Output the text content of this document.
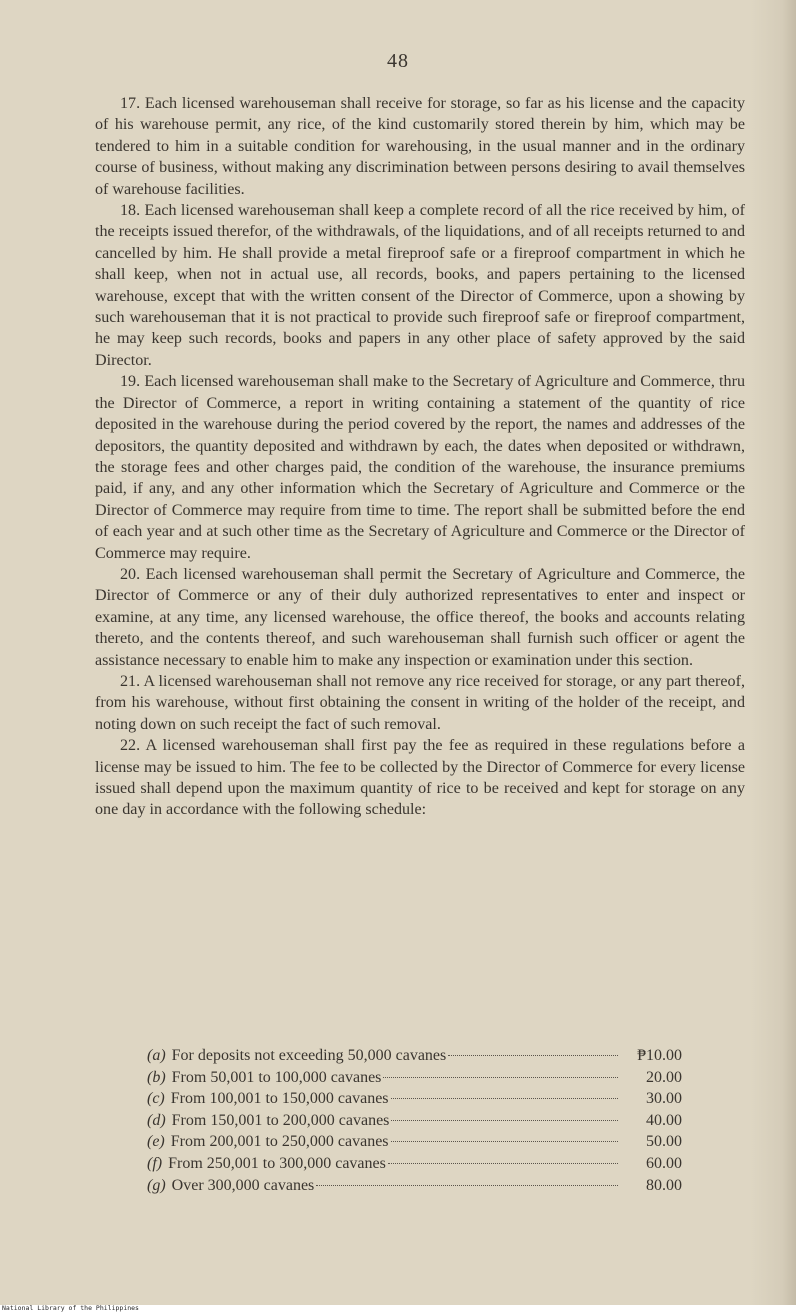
48

17. Each licensed warehouseman shall receive for storage, so far as his license and the capacity of his warehouse permit, any rice, of the kind customarily stored therein by him, which may be tendered to him in a suitable condition for warehousing, in the usual manner and in the ordinary course of business, without making any discrimination between persons desiring to avail themselves of warehouse facilities.

18. Each licensed warehouseman shall keep a complete record of all the rice received by him, of the receipts issued therefor, of the withdrawals, of the liquidations, and of all receipts returned to and cancelled by him. He shall provide a metal fireproof safe or a fireproof compartment in which he shall keep, when not in actual use, all records, books, and papers pertaining to the licensed warehouse, except that with the written consent of the Director of Commerce, upon a showing by such warehouseman that it is not practical to provide such fireproof safe or fireproof compartment, he may keep such records, books and papers in any other place of safety approved by the said Director.

19. Each licensed warehouseman shall make to the Secretary of Agriculture and Commerce, thru the Director of Commerce, a report in writing containing a statement of the quantity of rice deposited in the warehouse during the period covered by the report, the names and addresses of the depositors, the quantity deposited and withdrawn by each, the dates when deposited or withdrawn, the storage fees and other charges paid, the condition of the warehouse, the insurance premiums paid, if any, and any other information which the Secretary of Agriculture and Commerce or the Director of Commerce may require from time to time. The report shall be submitted before the end of each year and at such other time as the Secretary of Agriculture and Commerce or the Director of Commerce may require.

20. Each licensed warehouseman shall permit the Secretary of Agriculture and Commerce, the Director of Commerce or any of their duly authorized representatives to enter and inspect or examine, at any time, any licensed warehouse, the office thereof, the books and accounts relating thereto, and the contents thereof, and such warehouseman shall furnish such officer or agent the assistance necessary to enable him to make any inspection or examination under this section.

21. A licensed warehouseman shall not remove any rice received for storage, or any part thereof, from his warehouse, without first obtaining the consent in writing of the holder of the receipt, and noting down on such receipt the fact of such removal.

22. A licensed warehouseman shall first pay the fee as required in these regulations before a license may be issued to him. The fee to be collected by the Director of Commerce for every license issued shall depend upon the maximum quantity of rice to be received and kept for storage on any one day in accordance with the following schedule:

(a) For deposits not exceeding 50,000 cavanes	₱10.00
(b) From 50,001 to 100,000 cavanes	20.00
(c) From 100,001 to 150,000 cavanes	30.00
(d) From 150,001 to 200,000 cavanes	40.00
(e) From 200,001 to 250,000 cavanes	50.00
(f) From 250,001 to 300,000 cavanes	60.00
(g) Over 300,000 cavanes	80.00
National Library of the Philippines
